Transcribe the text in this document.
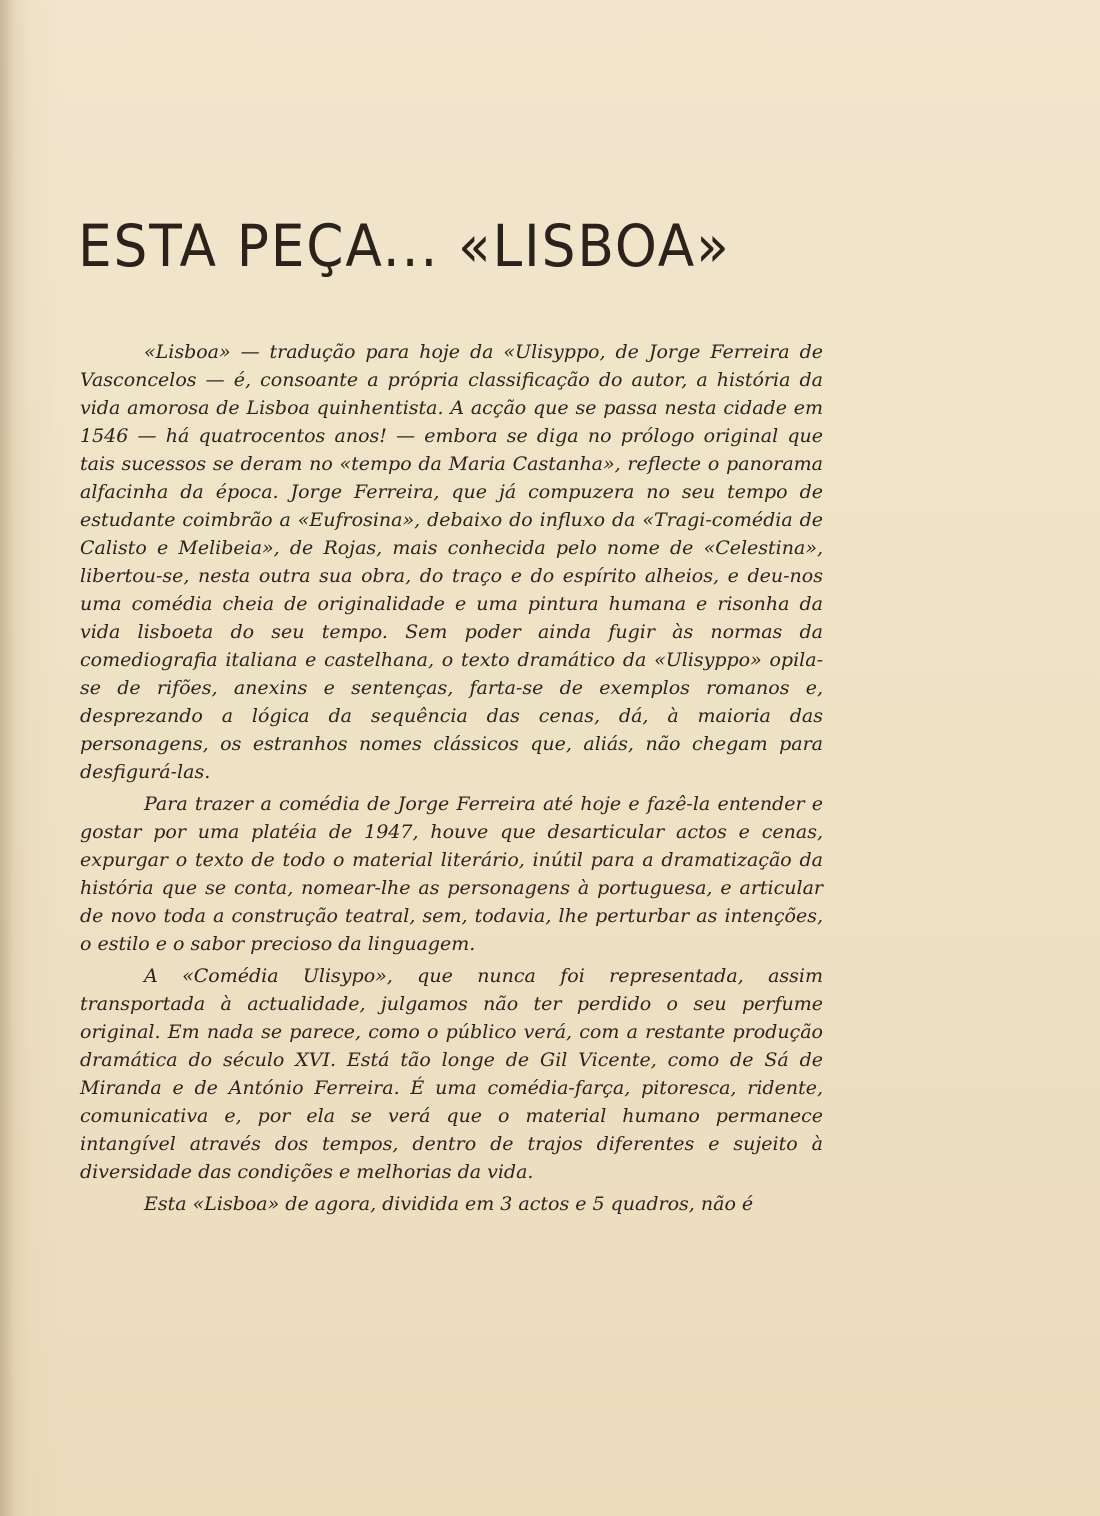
ESTA PEÇA... «LISBOA»

«Lisboa» — tradução para hoje da «Ulisyppo, de Jorge Ferreira de Vasconcelos — é, consoante a própria classificação do autor, a história da vida amorosa de Lisboa quinhentista. A acção que se passa nesta cidade em 1546 — há quatrocentos anos! — embora se diga no prólogo original que tais sucessos se deram no «tempo da Maria Castanha», reflecte o panorama alfacinha da época. Jorge Ferreira, que já compuzera no seu tempo de estudante coimbrão a «Eufrosina», debaixo do influxo da «Tragi-comédia de Calisto e Melibeia», de Rojas, mais conhecida pelo nome de «Celestina», libertou-se, nesta outra sua obra, do traço e do espírito alheios, e deu-nos uma comédia cheia de originalidade e uma pintura humana e risonha da vida lisboeta do seu tempo. Sem poder ainda fugir às normas da comediografia italiana e castelhana, o texto dramático da «Ulisyppo» opila-se de rifões, anexins e sentenças, farta-se de exemplos romanos e, desprezando a lógica da sequência das cenas, dá, à maioria das personagens, os estranhos nomes clássicos que, aliás, não chegam para desfigurá-las.

Para trazer a comédia de Jorge Ferreira até hoje e fazê-la entender e gostar por uma platéia de 1947, houve que desarticular actos e cenas, expurgar o texto de todo o material literário, inútil para a dramatização da história que se conta, nomear-lhe as personagens à portuguesa, e articular de novo toda a construção teatral, sem, todavia, lhe perturbar as intenções, o estilo e o sabor precioso da linguagem.

A «Comédia Ulisypo», que nunca foi representada, assim transportada à actualidade, julgamos não ter perdido o seu perfume original. Em nada se parece, como o público verá, com a restante produção dramática do século XVI. Está tão longe de Gil Vicente, como de Sá de Miranda e de António Ferreira. É uma comédia-farça, pitoresca, ridente, comunicativa e, por ela se verá que o material humano permanece intangível através dos tempos, dentro de trajos diferentes e sujeito à diversidade das condições e melhorias da vida.

Esta «Lisboa» de agora, dividida em 3 actos e 5 quadros, não é
